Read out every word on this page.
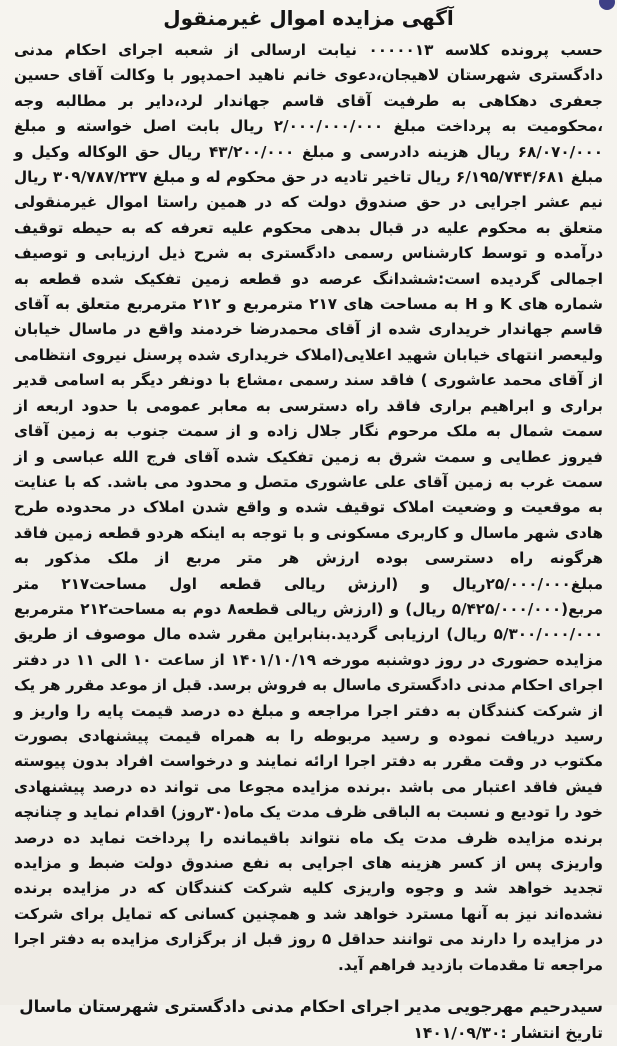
آگهی مزایده اموال غیرمنقول

حسب پرونده کلاسه ۰۰۰۰۰۱۳ نیابت ارسالی از شعبه اجرای احکام مدنی دادگستری شهرستان لاهیجان،دعوی خانم ناهید احمدپور با وکالت آقای حسین جعفری دهکاهی به طرفیت آقای قاسم جهاندار لرد،دایر بر مطالبه وجه ،محکومیت به پرداخت مبلغ ۲/۰۰۰/۰۰۰/۰۰۰ ریال بابت اصل خواسته و مبلغ ۶۸/۰۷۰/۰۰۰ ریال هزینه دادرسی و مبلغ ۴۳/۲۰۰/۰۰۰ ریال حق الوکاله وکیل و مبلغ ۶/۱۹۵/۷۴۴/۶۸۱ ریال تاخیر تادیه در حق محکوم له و مبلغ ۳۰۹/۷۸۷/۲۳۷ ریال نیم عشر اجرایی در حق صندوق دولت که در همین راستا اموال غیرمنقولی متعلق به محکوم علیه در قبال بدهی محکوم علیه تعرفه که به حیطه توقیف درآمده و توسط کارشناس رسمی دادگستری به شرح ذیل ارزیابی و توصیف اجمالی گردیده است:ششدانگ عرصه دو قطعه زمین تفکیک شده قطعه به شماره های K و H به مساحت های ۲۱۷ مترمربع و ۲۱۲ مترمربع متعلق به آقای قاسم جهاندار خریداری شده از آقای محمدرضا خردمند واقع در ماسال خیابان ولیعصر انتهای خیابان شهید اعلایی(املاک خریداری شده پرسنل نیروی انتظامی از آقای محمد عاشوری ) فاقد سند رسمی ،مشاع با دونفر دیگر به اسامی قدیر براری و ابراهیم براری فاقد راه دسترسی به معابر عمومی با حدود اربعه از سمت شمال به ملک مرحوم نگار جلال زاده و از سمت جنوب به زمین آقای فیروز عطایی و سمت شرق به زمین تفکیک شده آقای فرج الله عباسی و از سمت غرب به زمین آقای علی عاشوری متصل و محدود می باشد. که با عنایت به موقعیت و وضعیت املاک توقیف شده و واقع شدن املاک در محدوده طرح هادی شهر ماسال و کاربری مسکونی و با توجه به اینکه هردو قطعه زمین فاقد هرگونه راه دسترسی بوده ارزش هر متر مربع از ملک مذکور به مبلغ۲۵/۰۰۰/۰۰۰ریال و (ارزش ریالی قطعه اول مساحت۲۱۷ متر مربع(۵/۴۲۵/۰۰۰/۰۰۰ ریال) و (ارزش ریالی قطعه۸ دوم به مساحت۲۱۲ مترمربع ۵/۳۰۰/۰۰۰/۰۰۰ ریال) ارزیابی گردید.بنابراین مقرر شده مال موصوف از طریق مزایده حضوری در روز دوشنبه مورخه ۱۴۰۱/۱۰/۱۹ از ساعت ۱۰ الی ۱۱ در دفتر اجرای احکام مدنی دادگستری ماسال به فروش برسد. قبل از موعد مقرر هر یک از شرکت کنندگان به دفتر اجرا مراجعه و مبلغ ده درصد قیمت پایه را واریز و رسید دریافت نموده و رسید مربوطه را به همراه قیمت پیشنهادی بصورت مکتوب در وقت مقرر به دفتر اجرا ارائه نمایند و درخواست افراد بدون پیوسته فیش فاقد اعتبار می باشد .برنده مزایده مجوعا می تواند ده درصد پیشنهادی خود را تودیع و نسبت به الباقی ظرف مدت یک ماه(۳۰روز) اقدام نماید و چنانچه برنده مزایده ظرف مدت یک ماه نتواند باقیمانده را پرداخت نماید ده درصد واریزی پس از کسر هزینه های اجرایی به نفع صندوق دولت ضبط و مزایده تجدید خواهد شد و وجوه واریزی کلیه شرکت کنندگان که در مزایده برنده نشده‌اند نیز به آنها مسترد خواهد شد و همچنین کسانی که تمایل برای شرکت در مزایده را دارند می توانند حداقل ۵ روز قبل از برگزاری مزایده به دفتر اجرا مراجعه تا مقدمات بازدید فراهم آید.

سیدرحیم مهرجویی مدیر اجرای احکام مدنی دادگستری شهرستان ماسال
تاریخ انتشار :۱۴۰۱/۰۹/۳۰
